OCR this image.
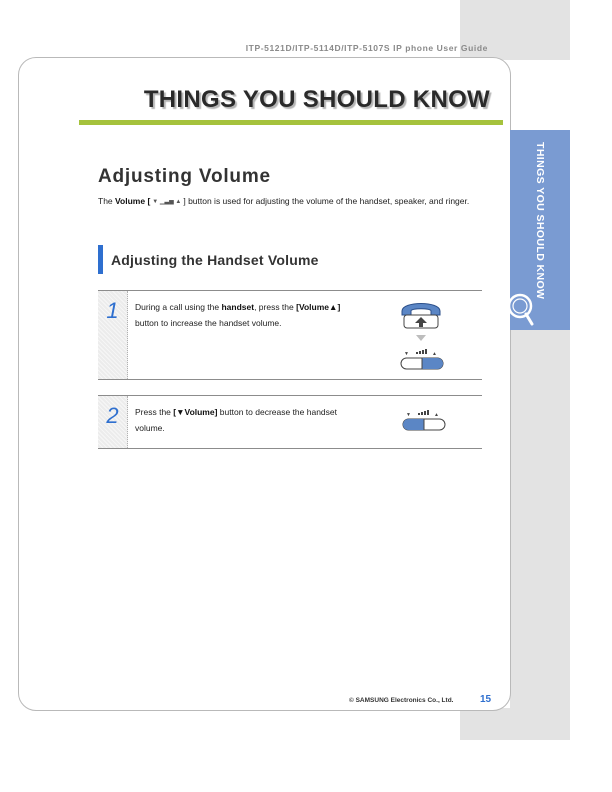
ITP-5121D/ITP-5114D/ITP-5107S IP phone User Guide
THINGS YOU SHOULD KNOW
THINGS YOU SHOULD KNOW
Adjusting Volume

The Volume [ ▼ ▁▃▅ ▲ ] button is used for adjusting the volume of the handset, speaker, and ringer.

Adjusting the Handset Volume
1	During a call using the handset, press the [Volume▲] button to increase the handset volume.

▼	▲
2	Press the [▼Volume] button to decrease the handset volume.

▼	▲
© SAMSUNG Electronics Co., Ltd.	15
